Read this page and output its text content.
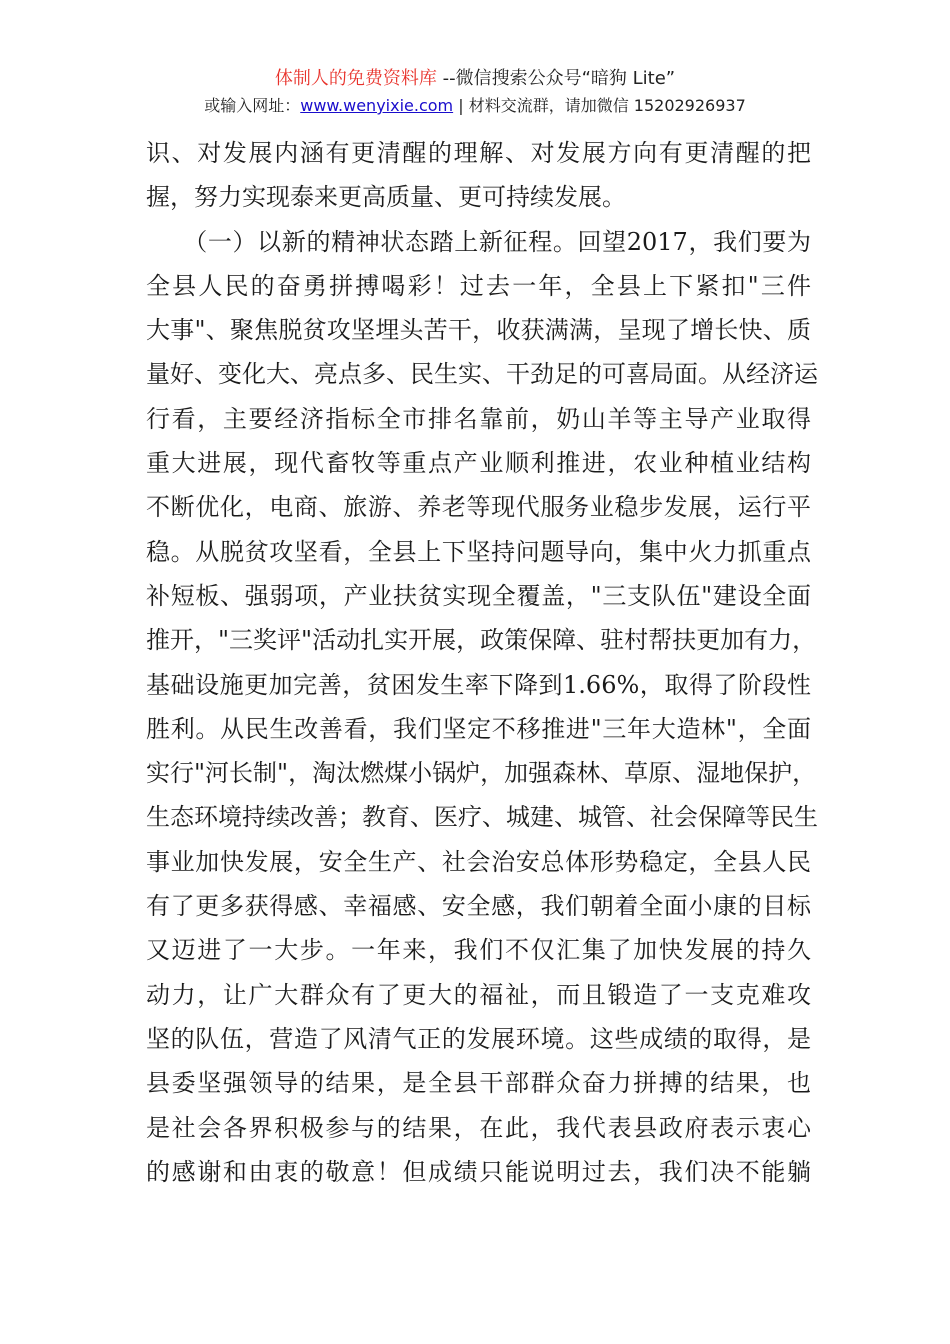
体制人的免费资料库 --微信搜索公众号“暗狗 Lite”
或输入网址：www.wenyixie.com | 材料交流群，请加微信 15202926937
识、对发展内涵有更清醒的理解、对发展方向有更清醒的把
握，努力实现泰来更高质量、更可持续发展。
　　（一）以新的精神状态踏上新征程。回望2017，我们要为
全县人民的奋勇拼搏喝彩！过去一年，全县上下紧扣"三件
大事"、聚焦脱贫攻坚埋头苦干，收获满满，呈现了增长快、质
量好、变化大、亮点多、民生实、干劲足的可喜局面。从经济运
行看，主要经济指标全市排名靠前，奶山羊等主导产业取得
重大进展，现代畜牧等重点产业顺利推进，农业种植业结构
不断优化，电商、旅游、养老等现代服务业稳步发展，运行平
稳。从脱贫攻坚看，全县上下坚持问题导向，集中火力抓重点
补短板、强弱项，产业扶贫实现全覆盖，"三支队伍"建设全面
推开，"三奖评"活动扎实开展，政策保障、驻村帮扶更加有力，
基础设施更加完善，贫困发生率下降到1.66%，取得了阶段性
胜利。从民生改善看，我们坚定不移推进"三年大造林"，全面
实行"河长制"，淘汰燃煤小锅炉，加强森林、草原、湿地保护，
生态环境持续改善；教育、医疗、城建、城管、社会保障等民生
事业加快发展，安全生产、社会治安总体形势稳定，全县人民
有了更多获得感、幸福感、安全感，我们朝着全面小康的目标
又迈进了一大步。一年来，我们不仅汇集了加快发展的持久
动力，让广大群众有了更大的福祉，而且锻造了一支克难攻
坚的队伍，营造了风清气正的发展环境。这些成绩的取得，是
县委坚强领导的结果，是全县干部群众奋力拼搏的结果，也
是社会各界积极参与的结果，在此，我代表县政府表示衷心
的感谢和由衷的敬意！但成绩只能说明过去，我们决不能躺
